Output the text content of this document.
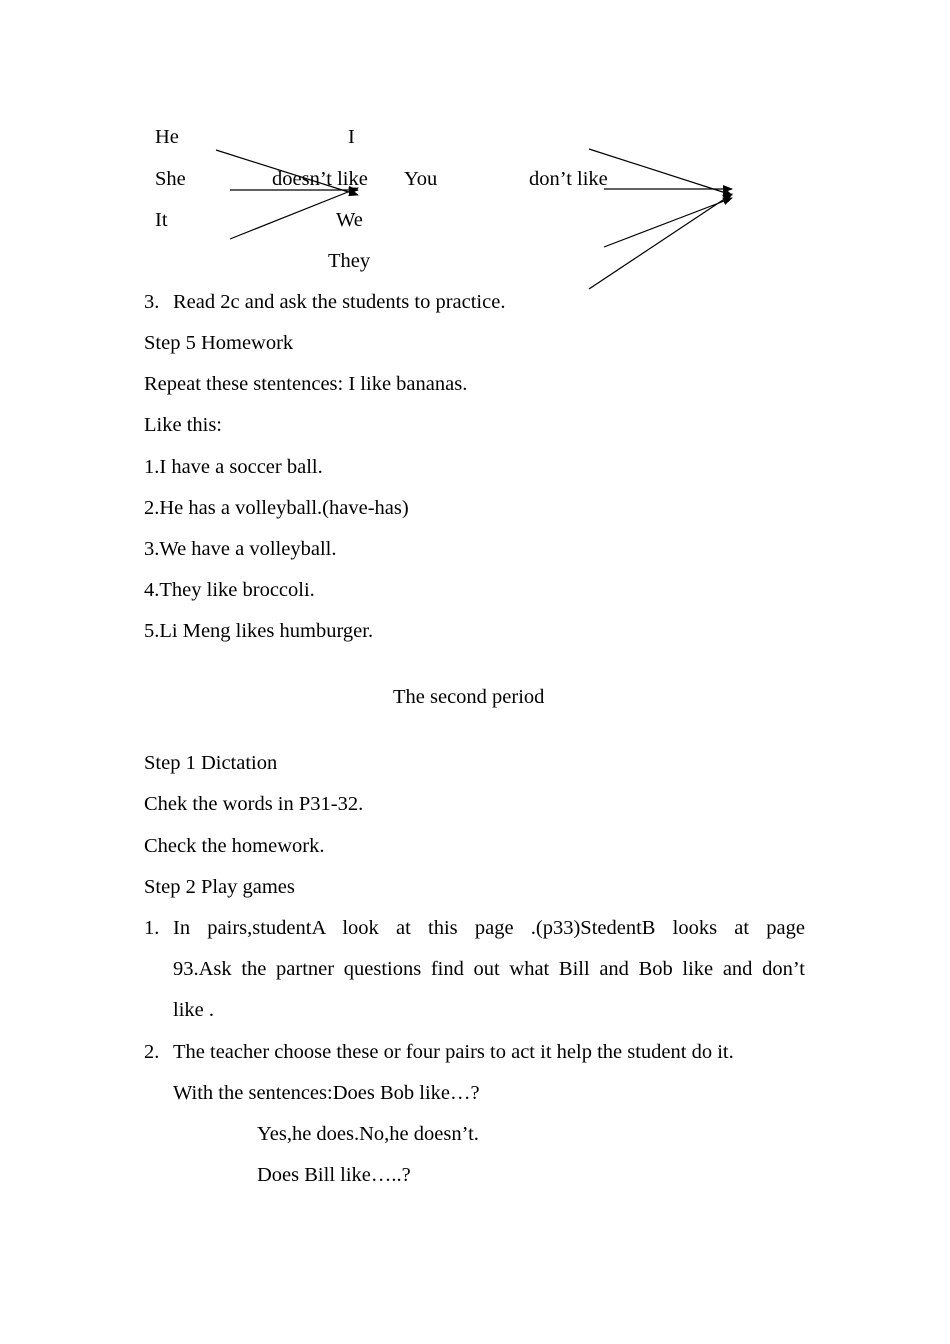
He
She
It
doesn’t like
I
You
We
They
don’t like
3. Read 2c and ask the students to practice.
Step 5 Homework
Repeat these stentences: I like bananas.
Like this:
1.I have a soccer ball.
2.He has a volleyball.(have-has)
3.We have a volleyball.
4.They like broccoli.
5.Li Meng likes humburger.
The second period
Step 1 Dictation
Chek the words in P31-32.
Check the homework.
Step 2 Play games
1. In pairs,studentA look at this page .(p33)StedentB looks at page
93.Ask the partner questions find out what Bill and Bob like and don’t
like .
2. The teacher choose these or four pairs to act it help the student do it.
With the sentences:Does Bob like…?
Yes,he does.No,he doesn’t.
Does Bill like…..?
